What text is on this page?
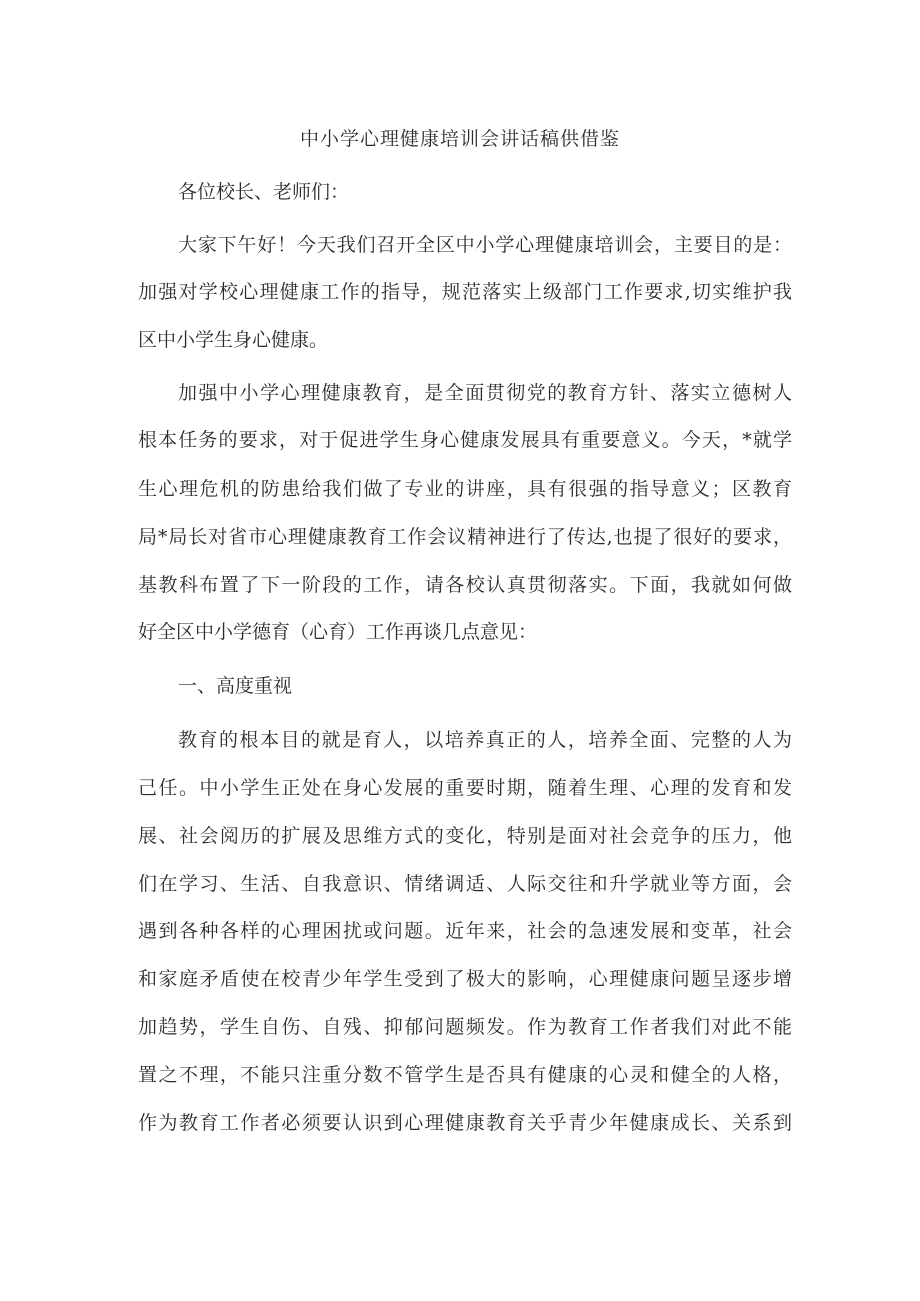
中小学心理健康培训会讲话稿供借鉴
各位校长、老师们：
大家下午好！今天我们召开全区中小学心理健康培训会，主要目的是：
加强对学校心理健康工作的指导，规范落实上级部门工作要求,切实维护我
区中小学生身心健康。
加强中小学心理健康教育，是全面贯彻党的教育方针、落实立德树人
根本任务的要求，对于促进学生身心健康发展具有重要意义。今天，*就学
生心理危机的防患给我们做了专业的讲座，具有很强的指导意义；区教育
局*局长对省市心理健康教育工作会议精神进行了传达,也提了很好的要求，
基教科布置了下一阶段的工作，请各校认真贯彻落实。下面，我就如何做
好全区中小学德育（心育）工作再谈几点意见：
一、高度重视
教育的根本目的就是育人，以培养真正的人，培养全面、完整的人为
己任。中小学生正处在身心发展的重要时期，随着生理、心理的发育和发
展、社会阅历的扩展及思维方式的变化，特别是面对社会竞争的压力，他
们在学习、生活、自我意识、情绪调适、人际交往和升学就业等方面，会
遇到各种各样的心理困扰或问题。近年来，社会的急速发展和变革，社会
和家庭矛盾使在校青少年学生受到了极大的影响，心理健康问题呈逐步增
加趋势，学生自伤、自残、抑郁问题频发。作为教育工作者我们对此不能
置之不理，不能只注重分数不管学生是否具有健康的心灵和健全的人格，
作为教育工作者必须要认识到心理健康教育关乎青少年健康成长、关系到
